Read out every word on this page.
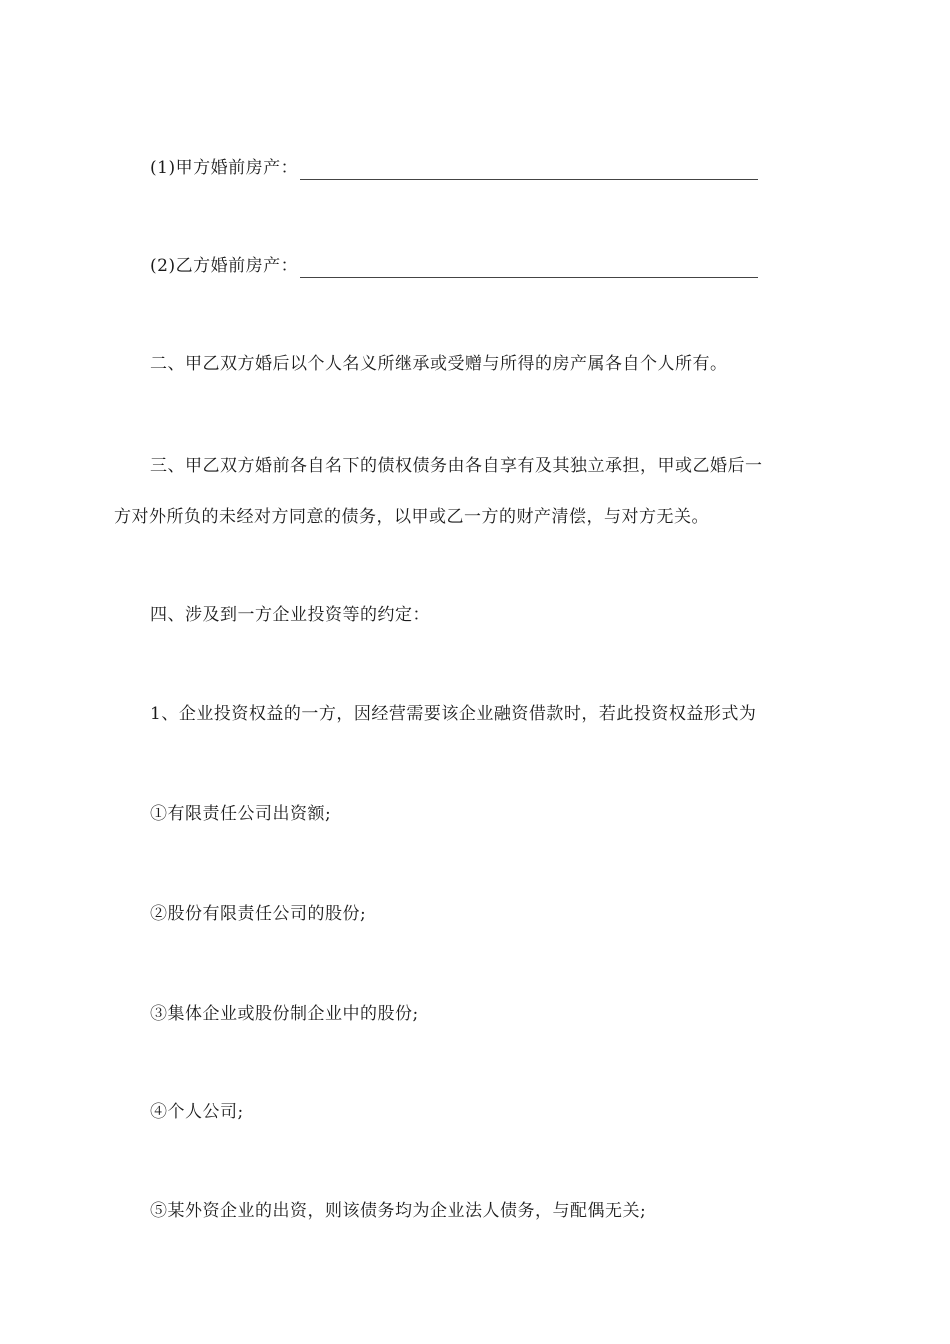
(1)甲方婚前房产：
(2)乙方婚前房产：
二、甲乙双方婚后以个人名义所继承或受赠与所得的房产属各自个人所有。
三、甲乙双方婚前各自名下的债权债务由各自享有及其独立承担，甲或乙婚后一
方对外所负的未经对方同意的债务，以甲或乙一方的财产清偿，与对方无关。
四、涉及到一方企业投资等的约定：
1、企业投资权益的一方，因经营需要该企业融资借款时，若此投资权益形式为
①有限责任公司出资额;
②股份有限责任公司的股份;
③集体企业或股份制企业中的股份;
④个人公司;
⑤某外资企业的出资，则该债务均为企业法人债务，与配偶无关;
